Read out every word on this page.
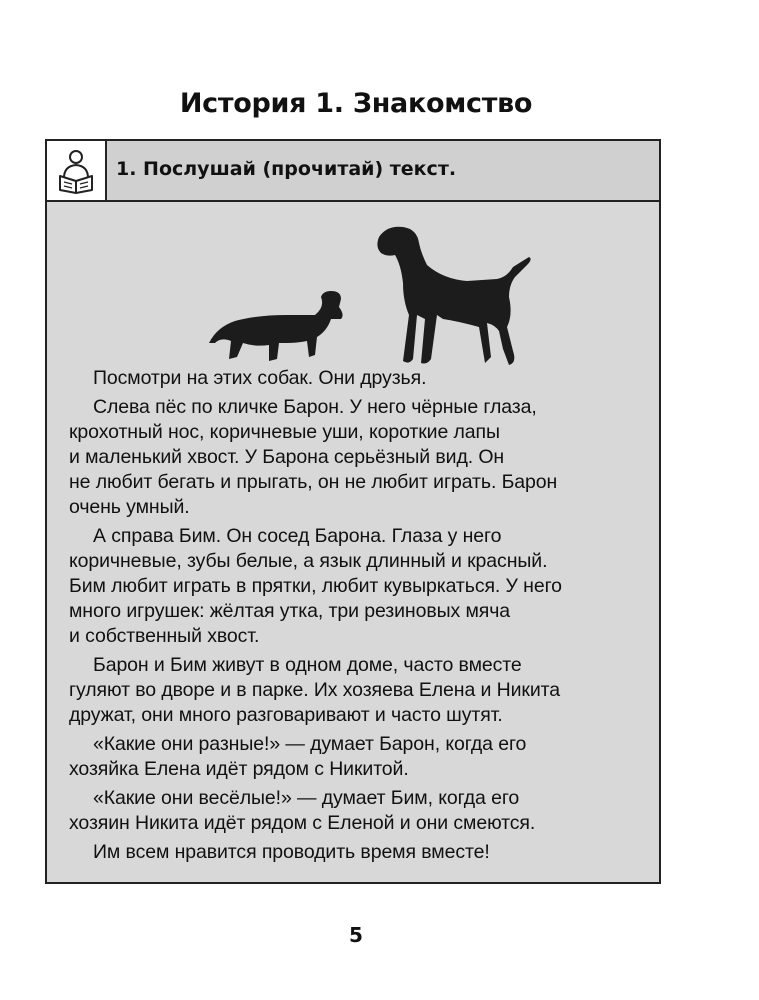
История 1. Знакомство
1. Послушай (прочитай) текст.

Посмотри на этих собак. Они друзья.

Слева пёс по кличке Барон. У него чёрные глаза,
крохотный нос, коричневые уши, короткие лапы
и маленький хвост. У Барона серьёзный вид. Он
не любит бегать и прыгать, он не любит играть. Барон
очень умный.

А справа Бим. Он сосед Барона. Глаза у него
коричневые, зубы белые, а язык длинный и красный.
Бим любит играть в прятки, любит кувыркаться. У него
много игрушек: жёлтая утка, три резиновых мяча
и собственный хвост.

Барон и Бим живут в одном доме, часто вместе
гуляют во дворе и в парке. Их хозяева Елена и Никита
дружат, они много разговаривают и часто шутят.

«Какие они разные!» — думает Барон, когда его
хозяйка Елена идёт рядом с Никитой.

«Какие они весёлые!» — думает Бим, когда его
хозяин Никита идёт рядом с Еленой и они смеются.

Им всем нравится проводить время вместе!

5
